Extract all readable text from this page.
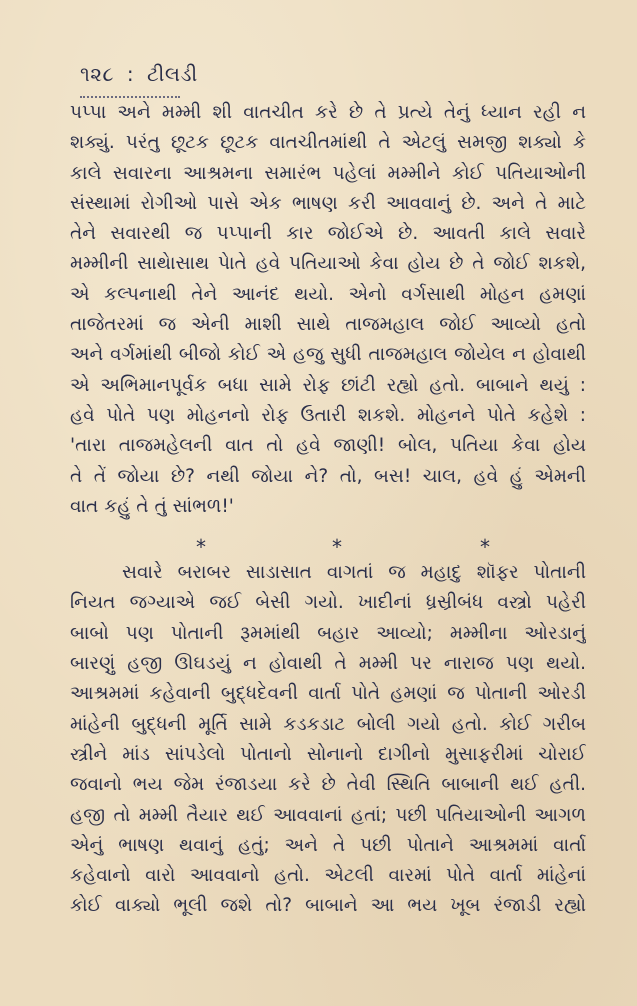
૧૨૮ : ટીલડી
પપ્પા અને મમ્મી શી વાતચીત કરે છે તે પ્રત્યે તેનું ધ્યાન રહી ન
શક્યું. પરંતુ છૂટક છૂટક વાતચીતમાંથી તે એટલું સમજી શક્યો કે
કાલે સવારના આશ્રમના સમારંભ પહેલાં મમ્મીને કોઈ પતિયાઓની
સંસ્થામાં રોગીઓ પાસે એક ભાષણ કરી આવવાનું છે. અને તે માટે
તેને સવારથી જ પપ્પાની કાર જોઈએ છે. આવતી કાલે સવારે
મમ્મીની સાથેાસાથ પાેતે હવે પતિયાઓ કેવા હોય છે તે જોઈ શકશે,
એ કલ્પનાથી તેને આનંદ થયો. એનો વર્ગસાથી મોહન હમણાં
તાજેતરમાં જ એની માશી સાથે તાજમહાલ જોઈ આવ્યો હતો
અને વર્ગમાંથી બીજો કોઈ એ હજુ સુધી તાજમહાલ જોયેલ ન હોવાથી
એ અભિમાનપૂર્વક બધા સામે રોફ છાંટી રહ્યો હતો. બાબાને થયું :
હવે પોતે પણ મોહનનો રોફ ઉતારી શકશે. મોહનને પોતે કહેશે :
'તારા તાજમહેલની વાત તો હવે જાણી! બોલ, પતિયા કેવા હોય
તે તેં જોયા છે? નથી જોયા ને? તો, બસ! ચાલ, હવે હું એમની
વાત કહું તે તું સાંભળ!'
*	*	*
સવારે બરાબર સાડાસાત વાગતાં જ મહાદુ શૉફર પોતાની
નિયત જગ્યાએ જઈ બેસી ગયો. ખાદીનાં ધ્રસ્રીબંધ વસ્ત્રો પહેરી
બાબો પણ પોતાની રૂમમાંથી બહાર આવ્યો; મમ્મીના ઓરડાનું
બારણું હજી ઊઘડયું ન હોવાથી તે મમ્મી પર નારાજ પણ થયો.
આશ્રમમાં કહેવાની બુદ્ધદેવની વાર્તા પોતે હમણાં જ પોતાની ઓરડી
માંહેની બુદ્ધની મૂર્તિ સામે કડકડાટ બોલી ગયો હતો. કોઈ ગરીબ
સ્ત્રીને માંડ સાંપડેલો પોતાનો સોનાનો દાગીનો મુસાફરીમાં ચોરાઈ
જવાનો ભય જેમ રંજાડયા કરે છે તેવી સ્થિતિ બાબાની થઈ હતી.
હજી તો મમ્મી તૈયાર થઈ આવવાનાં હતાં; પછી પતિયાઓની આગળ
એનું ભાષણ થવાનું હતું; અને તે પછી પોતાને આશ્રમમાં વાર્તા
કહેવાનો વારો આવવાનો હતો. એટલી વારમાં પોતે વાર્તા માંહેનાં
કોઈ વાક્યો ભૂલી જશે તો? બાબાને આ ભય ખૂબ રંજાડી રહ્યો
